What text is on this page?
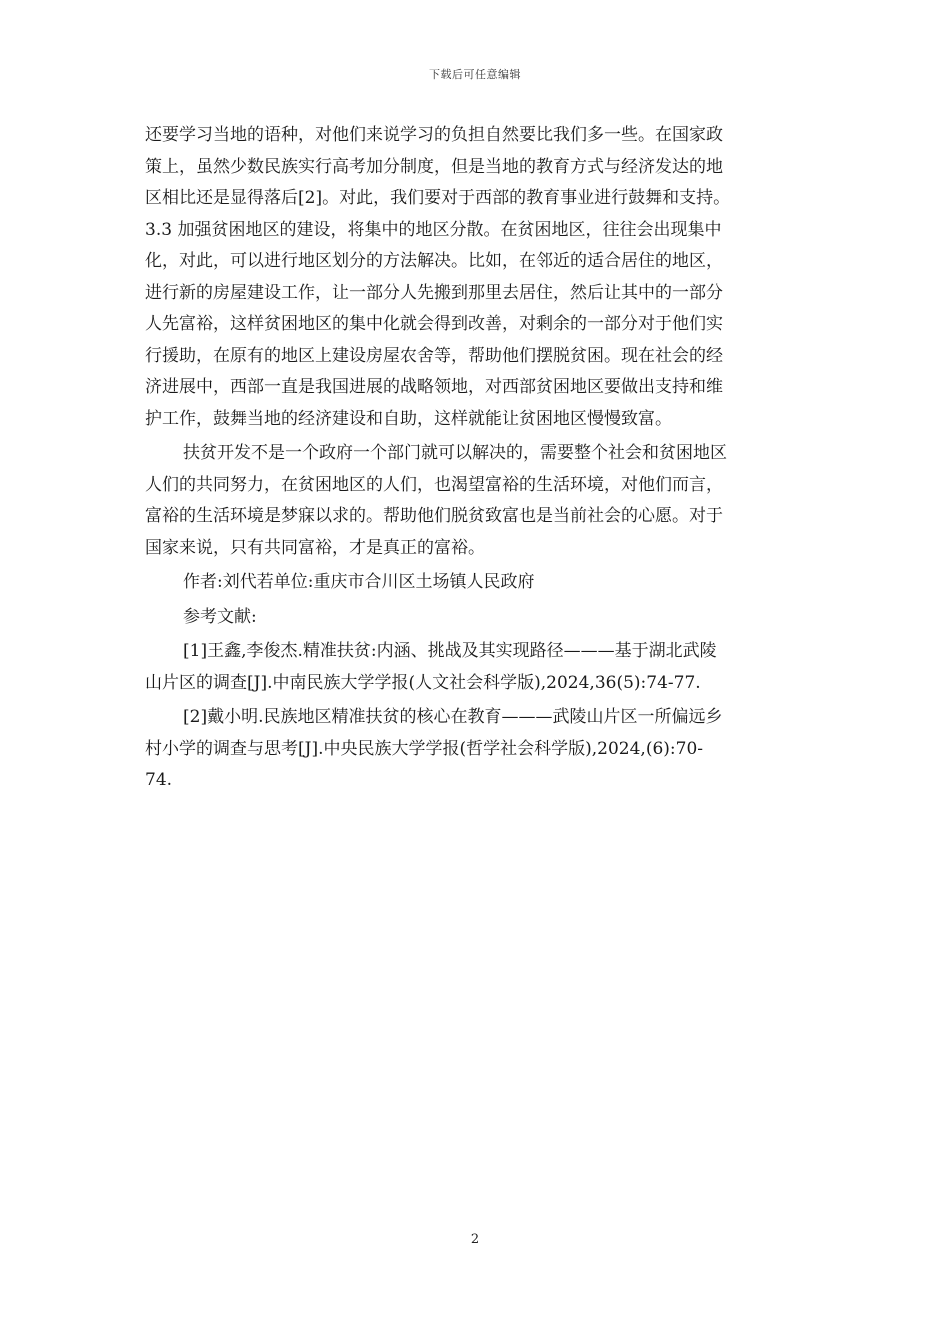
下载后可任意编辑
还要学习当地的语种，对他们来说学习的负担自然要比我们多一些。在国家政
策上，虽然少数民族实行高考加分制度，但是当地的教育方式与经济发达的地
区相比还是显得落后[2]。对此，我们要对于西部的教育事业进行鼓舞和支持。
3.3 加强贫困地区的建设，将集中的地区分散。在贫困地区，往往会出现集中
化，对此，可以进行地区划分的方法解决。比如，在邻近的适合居住的地区，
进行新的房屋建设工作，让一部分人先搬到那里去居住，然后让其中的一部分
人先富裕，这样贫困地区的集中化就会得到改善，对剩余的一部分对于他们实
行援助，在原有的地区上建设房屋农舍等，帮助他们摆脱贫困。现在社会的经
济进展中，西部一直是我国进展的战略领地，对西部贫困地区要做出支持和维
护工作，鼓舞当地的经济建设和自助，这样就能让贫困地区慢慢致富。
扶贫开发不是一个政府一个部门就可以解决的，需要整个社会和贫困地区
人们的共同努力，在贫困地区的人们，也渴望富裕的生活环境，对他们而言，
富裕的生活环境是梦寐以求的。帮助他们脱贫致富也是当前社会的心愿。对于
国家来说，只有共同富裕，才是真正的富裕。
作者:刘代若单位:重庆市合川区土场镇人民政府
参考文献:
[1]王鑫,李俊杰.精准扶贫:内涵、挑战及其实现路径———基于湖北武陵
山片区的调查[J].中南民族大学学报(人文社会科学版),2024,36(5):74-77.
[2]戴小明.民族地区精准扶贫的核心在教育———武陵山片区一所偏远乡
村小学的调查与思考[J].中央民族大学学报(哲学社会科学版),2024,(6):70-
74.
2
